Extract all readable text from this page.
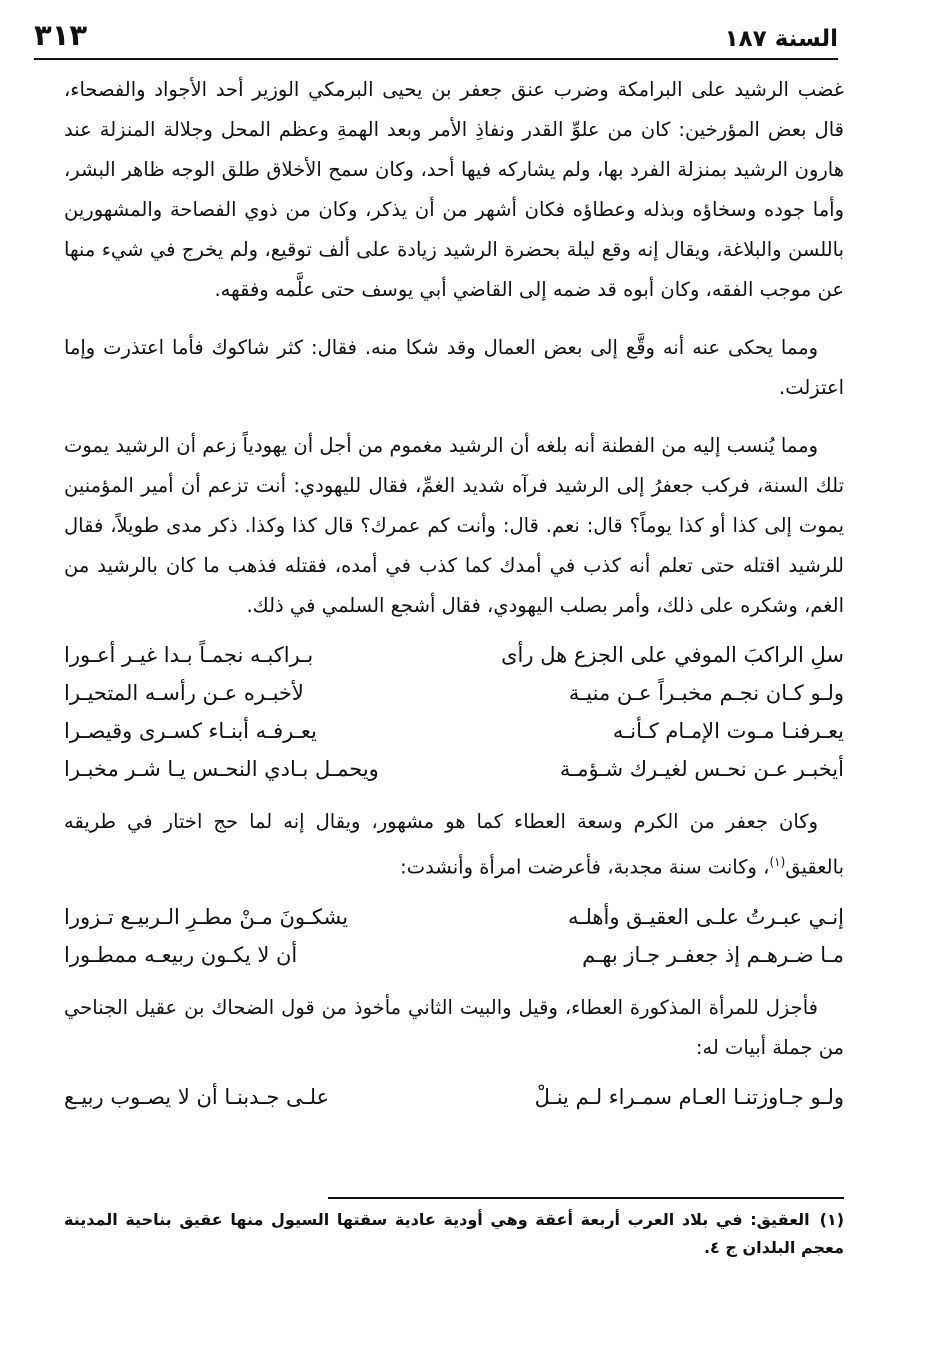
السنة ١٨٧
٣١٣

غضب الرشيد على البرامكة وضرب عنق جعفر بن يحيى البرمكي الوزير أحد الأجواد والفصحاء، قال بعض المؤرخين: كان من علوِّ القدر ونفاذِ الأمر وبعد الهمةِ وعظم المحل وجلالة المنزلة عند هارون الرشيد بمنزلة الفرد بها، ولم يشاركه فيها أحد، وكان سمح الأخلاق طلق الوجه ظاهر البشر، وأما جوده وسخاؤه وبذله وعطاؤه فكان أشهر من أن يذكر، وكان من ذوي الفصاحة والمشهورين باللسن والبلاغة، ويقال إنه وقع ليلة بحضرة الرشيد زيادة على ألف توقيع، ولم يخرج في شيء منها عن موجب الفقه، وكان أبوه قد ضمه إلى القاضي أبي يوسف حتى علَّمه وفقهه.

ومما يحكى عنه أنه وقَّع إلى بعض العمال وقد شكا منه. فقال: كثر شاكوك فأما اعتذرت وإما اعتزلت.

ومما يُنسب إليه من الفطنة أنه بلغه أن الرشيد مغموم من أجل أن يهودياً زعم أن الرشيد يموت تلك السنة، فركب جعفرُ إلى الرشيد فرآه شديد الغمِّ، فقال لليهودي: أنت تزعم أن أمير المؤمنين يموت إلى كذا أو كذا يوماً؟ قال: نعم. قال: وأنت كم عمرك؟ قال كذا وكذا. ذكر مدى طويلاً، فقال للرشيد اقتله حتى تعلم أنه كذب في أمدك كما كذب في أمده، فقتله فذهب ما كان بالرشيد من الغم، وشكره على ذلك، وأمر بصلب اليهودي، فقال أشجع السلمي في ذلك.

سلِ الراكبَ الموفي على الجزع هل رأى
بـراكبـه نجمـاً بـدا غيـر أعـورا
ولـو كـان نجـم مخبـراً عـن منيـة
لأخبـره عـن رأسـه المتحيـرا
يعـرفنـا مـوت الإمـام كـأنـه
يعـرفـه أبنـاء كسـرى وقيصـرا
أيخبـر عـن نحـس لغيـرك شـؤمـة
ويحمـل بـادي النحـس يـا شـر مخبـرا

وكان جعفر من الكرم وسعة العطاء كما هو مشهور، ويقال إنه لما حج اختار في طريقه بالعقيق$^{(١)}$، وكانت سنة مجدبة، فأعرضت امرأة وأنشدت:

إنـي عبـرتُ علـى العقيـق وأهلـه
يشكـونَ مـنْ مطـرِ الـربيـع تـزورا
مـا ضـرهـم إذ جعفـر جـاز بهـم
أن لا يكـون ربيعـه ممطـورا

فأجزل للمرأة المذكورة العطاء، وقيل والبيت الثاني مأخوذ من قول الضحاك بن عقيل الجناحي من جملة أبيات له:

ولـو جـاوزتنـا العـام سمـراء لـم ينـلْ
علـى جـدبنـا أن لا يصـوب ربيـع
(١)العقيق: في بلاد العرب أربعة أعقة وهي أودية عادية سقتها السيول منها عقيق بناحية المدينة معجم البلدان ج ٤.
